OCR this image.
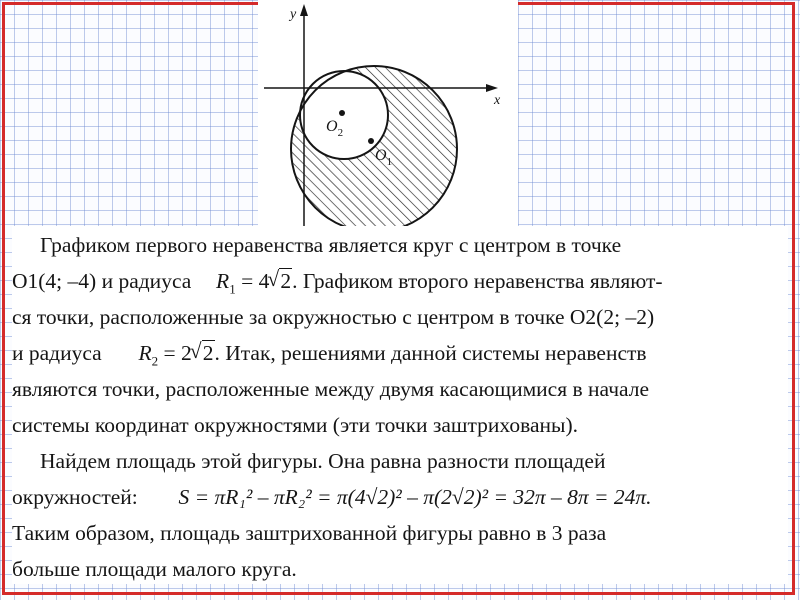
y
x
$O_2$
$O_1$
Графиком первого неравенства является круг с центром в точке
O1(4; –4) и радиуса $R_1 = 4√$ 2. Графиком второго неравенства являют-
ся точки, расположенные за окружностью с центром в точке O2(2; –2)
и радиуса $R_2 = 2√$ 2. Итак, решениями данной системы неравенств
являются точки, расположенные между двумя касающимися в начале
системы координат окружностями (эти точки заштрихованы).
Найдем площадь этой фигуры. Она равна разности площадей
окружностей: S = πR₁² – πR₂² = π(4√2)² – π(2√2)² = 32π – 8π = 24π.
Таким образом, площадь заштрихованной фигуры равно в 3 раза
больше площади малого круга.
